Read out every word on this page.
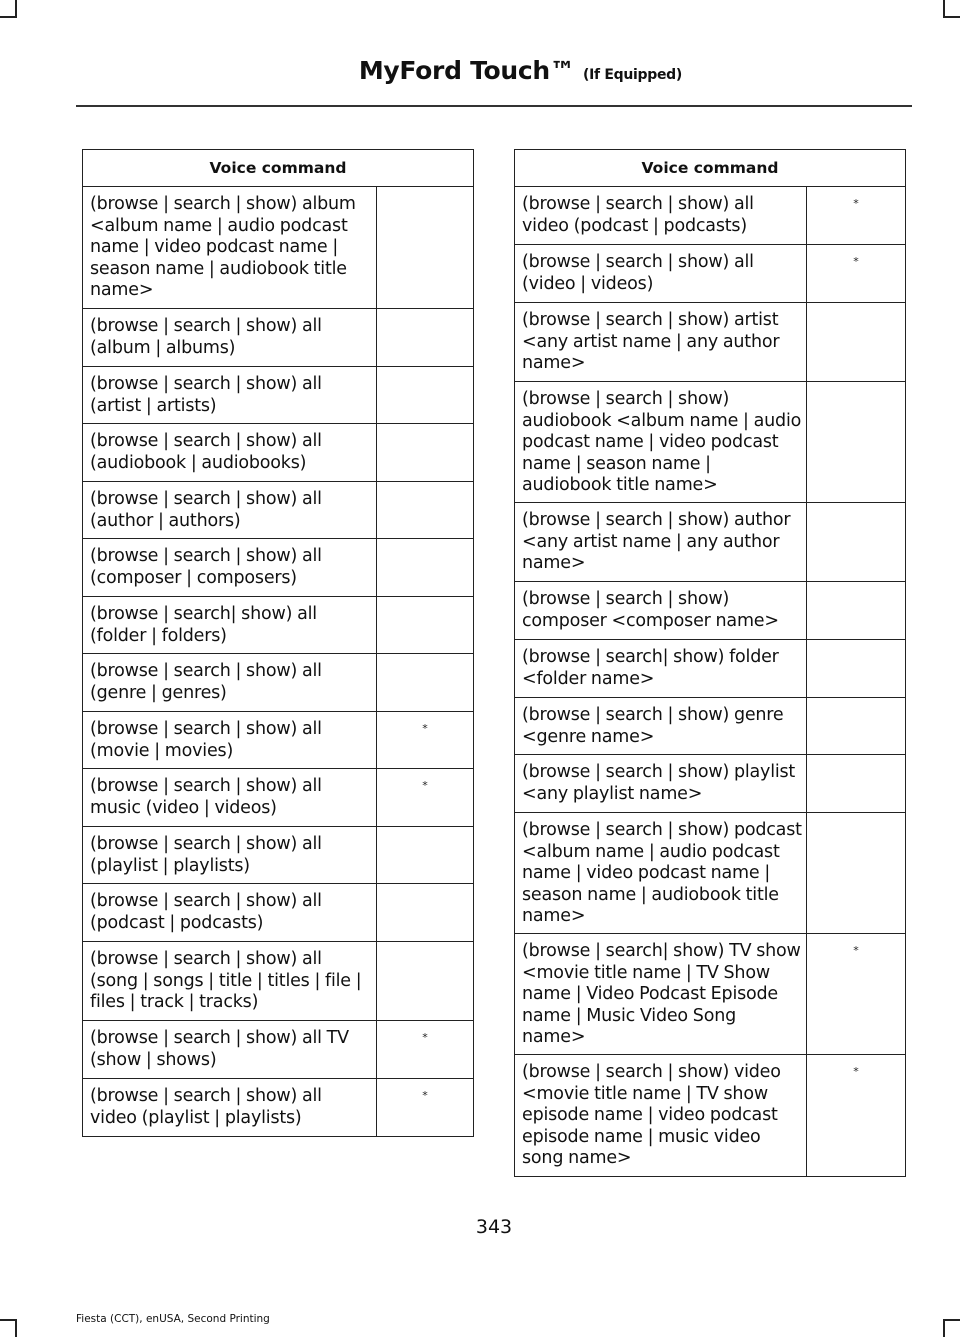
MyFord Touch™ (If Equipped)
Voice command	
(browse | search | show) album <album name | audio podcast name | video podcast name | season name | audiobook title name>	
(browse | search | show) all (album | albums)	
(browse | search | show) all (artist | artists)	
(browse | search | show) all (audiobook | audiobooks)	
(browse | search | show) all (author | authors)	
(browse | search | show) all (composer | composers)	
(browse | search| show) all (folder | folders)	
(browse | search | show) all (genre | genres)	
(browse | search | show) all (movie | movies)	*
(browse | search | show) all music (video | videos)	*
(browse | search | show) all (playlist | playlists)	
(browse | search | show) all (podcast | podcasts)	
(browse | search | show) all (song | songs | title | titles | file | files | track | tracks)	
(browse | search | show) all TV (show | shows)	*
(browse | search | show) all video (playlist | playlists)	*
Voice command	
(browse | search | show) all video (podcast | podcasts)	*
(browse | search | show) all (video | videos)	*
(browse | search | show) artist <any artist name | any author name>	
(browse | search | show) audiobook <album name | audio podcast name | video podcast name | season name | audiobook title name>	
(browse | search | show) author <any artist name | any author name>	
(browse | search | show) composer <composer name>	
(browse | search| show) folder <folder name>	
(browse | search | show) genre <genre name>	
(browse | search | show) playlist <any playlist name>	
(browse | search | show) podcast <album name | audio podcast name | video podcast name | season name | audiobook title name>	
(browse | search| show) TV show <movie title name | TV Show name | Video Podcast Episode name | Music Video Song name>	*
(browse | search | show) video <movie title name | TV show episode name | video podcast episode name | music video song name>	*
343
Fiesta (CCT), enUSA, Second Printing
